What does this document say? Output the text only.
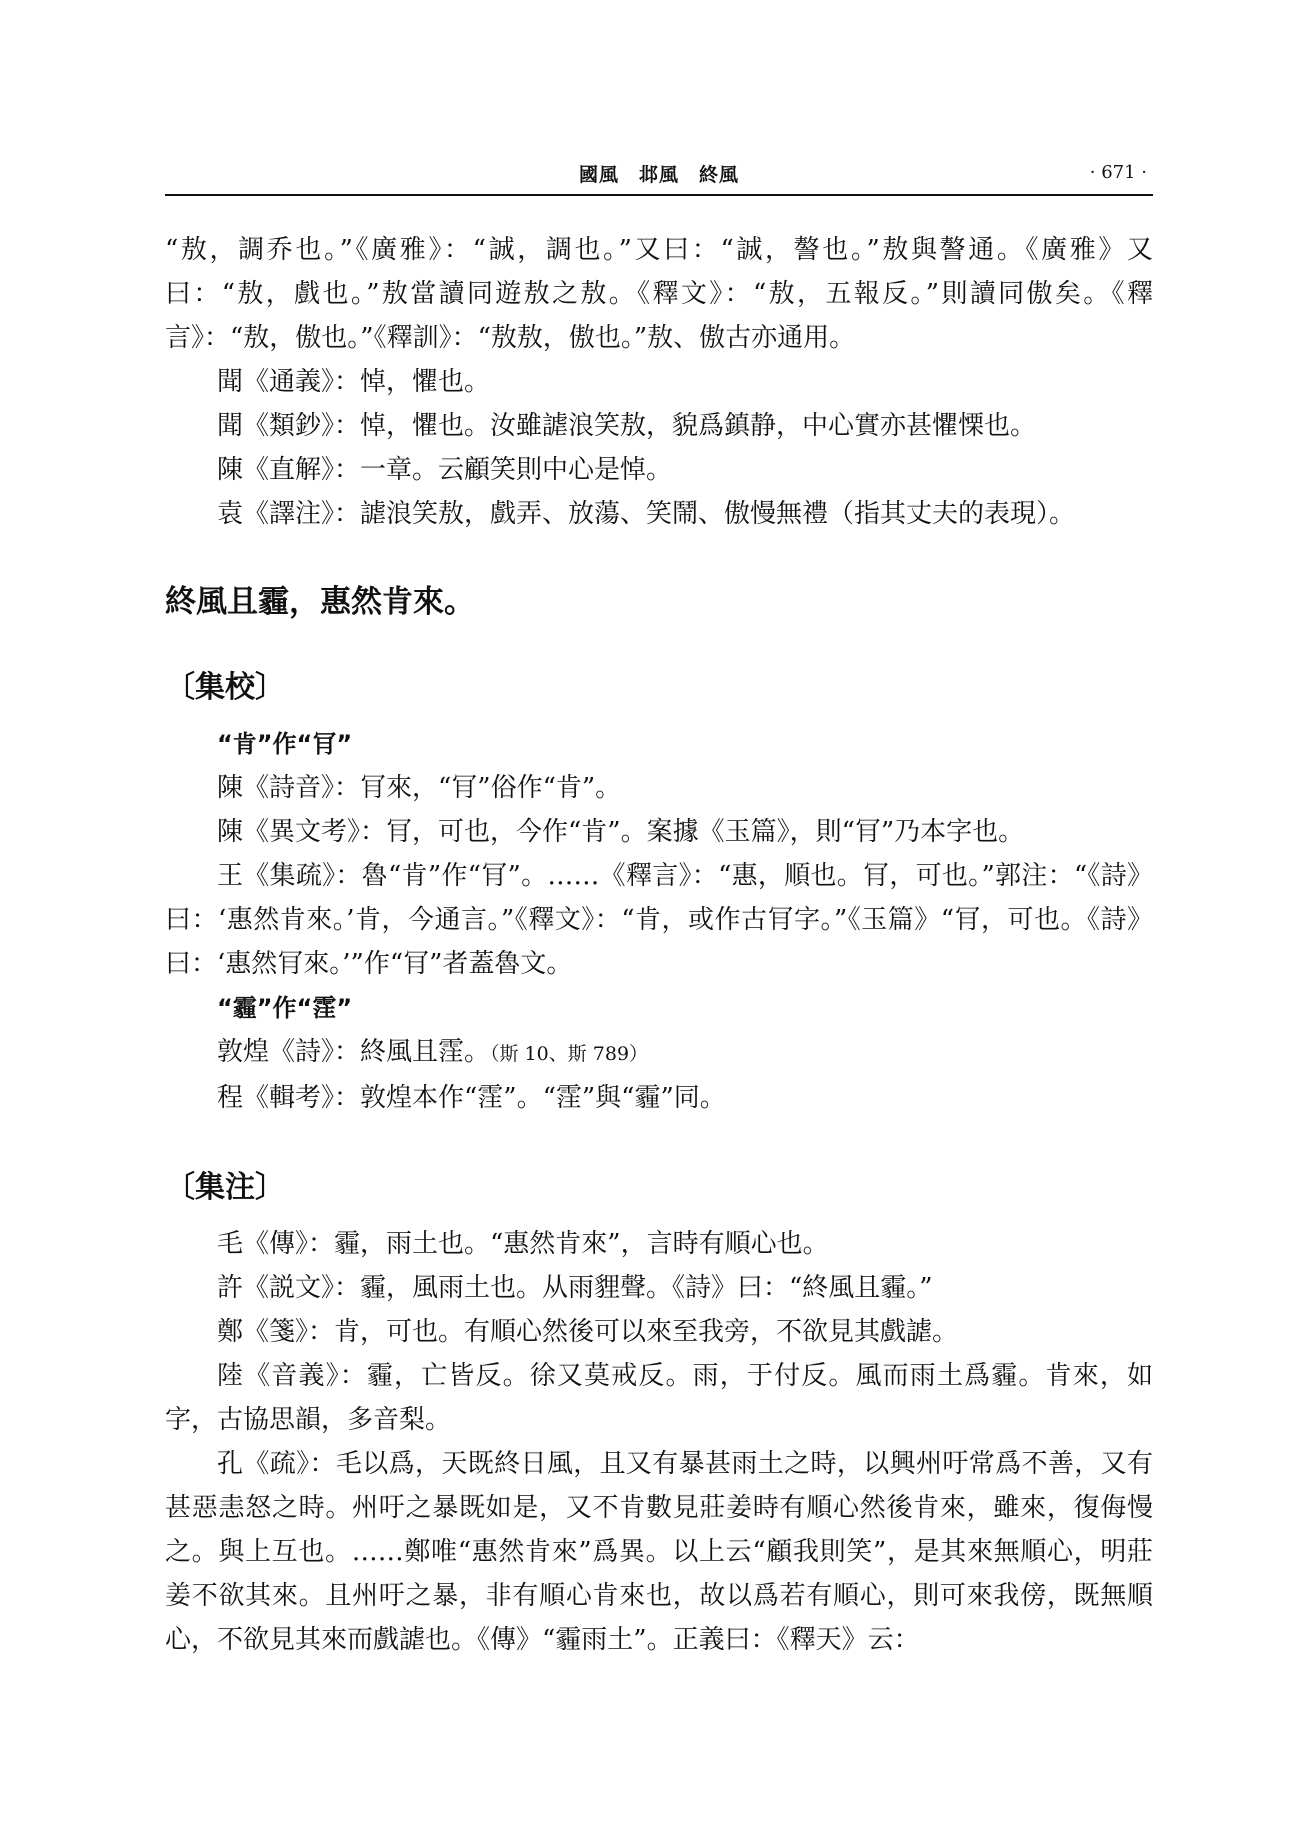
國風　邶風　終風	· 671 ·

“敖，調乔也。”《廣雅》：“誠，調也。”又曰：“誠，謷也。”敖與謷通。《廣雅》又曰：“敖，戲也。”敖當讀同遊敖之敖。《釋文》：“敖，五報反。”則讀同傲矣。《釋言》：“敖，傲也。”《釋訓》：“敖敖，傲也。”敖、傲古亦通用。

聞《通義》：悼，懼也。

聞《類鈔》：悼，懼也。汝雖謔浪笑敖，貌爲鎮静，中心實亦甚懼慄也。

陳《直解》：一章。云顧笑則中心是悼。

袁《譯注》：謔浪笑敖，戲弄、放蕩、笑鬧、傲慢無禮（指其丈夫的表現）。

終風且霾，惠然肯來。
〔集校〕

“肯”作“肎”

陳《詩音》：肎來，“肎”俗作“肯”。

陳《異文考》：肎，可也，今作“肯”。案據《玉篇》，則“肎”乃本字也。

王《集疏》：魯“肯”作“肎”。……《釋言》：“惠，順也。肎，可也。”郭注：“《詩》曰：‘惠然肯來。’肯，今通言。”《釋文》：“肯，或作古肎字。”《玉篇》“肎，可也。《詩》曰：‘惠然肎來。’”作“肎”者蓋魯文。

“霾”作“霔”

敦煌《詩》：終風且霔。（斯 10、斯 789）

程《輯考》：敦煌本作“霔”。“霔”與“霾”同。

〔集注〕

毛《傳》：霾，雨土也。“惠然肯來”，言時有順心也。

許《説文》：霾，風雨土也。从雨貍聲。《詩》曰：“終風且霾。”

鄭《箋》：肯，可也。有順心然後可以來至我旁，不欲見其戲謔。

陸《音義》：霾，亡皆反。徐又莫戒反。雨，于付反。風而雨土爲霾。肯來，如字，古協思韻，多音梨。

孔《疏》：毛以爲，天既終日風，且又有暴甚雨土之時，以興州吁常爲不善，又有甚惡恚怒之時。州吁之暴既如是，又不肯數見莊姜時有順心然後肯來，雖來，復侮慢之。與上互也。……鄭唯“惠然肯來”爲異。以上云“顧我則笑”，是其來無順心，明莊姜不欲其來。且州吁之暴，非有順心肯來也，故以爲若有順心，則可來我傍，既無順心，不欲見其來而戲謔也。《傳》“霾雨土”。正義曰：《釋天》云：
